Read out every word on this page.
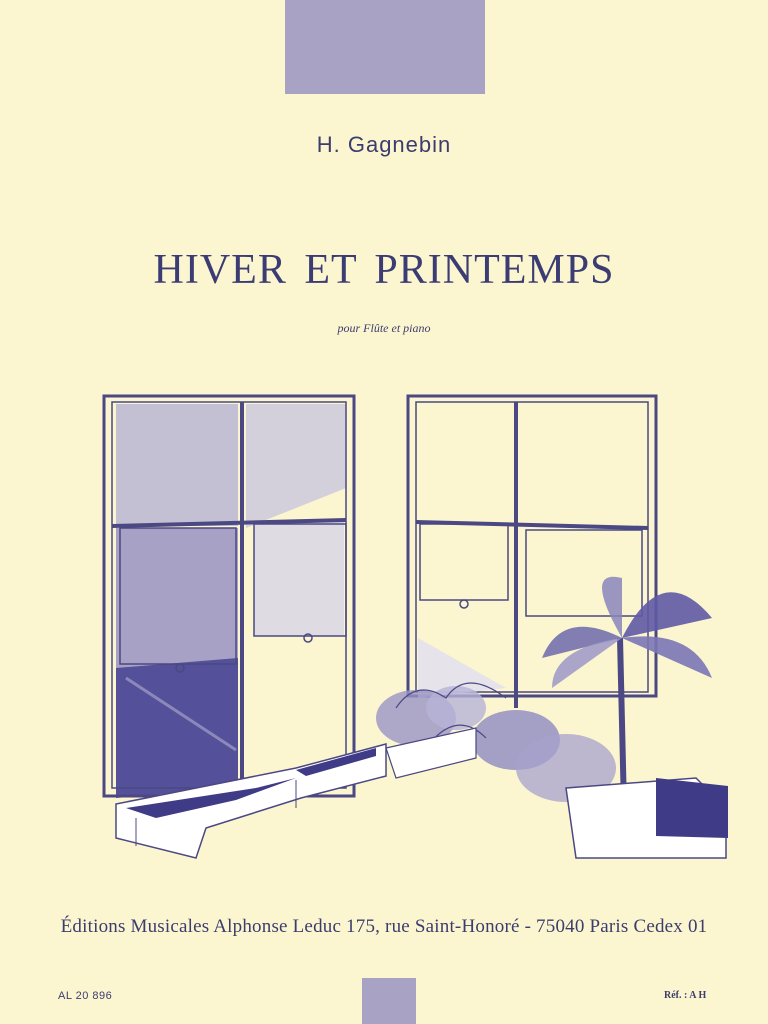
H. Gagnebin
HIVER ET PRINTEMPS
pour Flûte et piano
Éditions Musicales Alphonse Leduc 175, rue Saint-Honoré - 75040 Paris Cedex 01
AL 20 896	Réf. : A H
